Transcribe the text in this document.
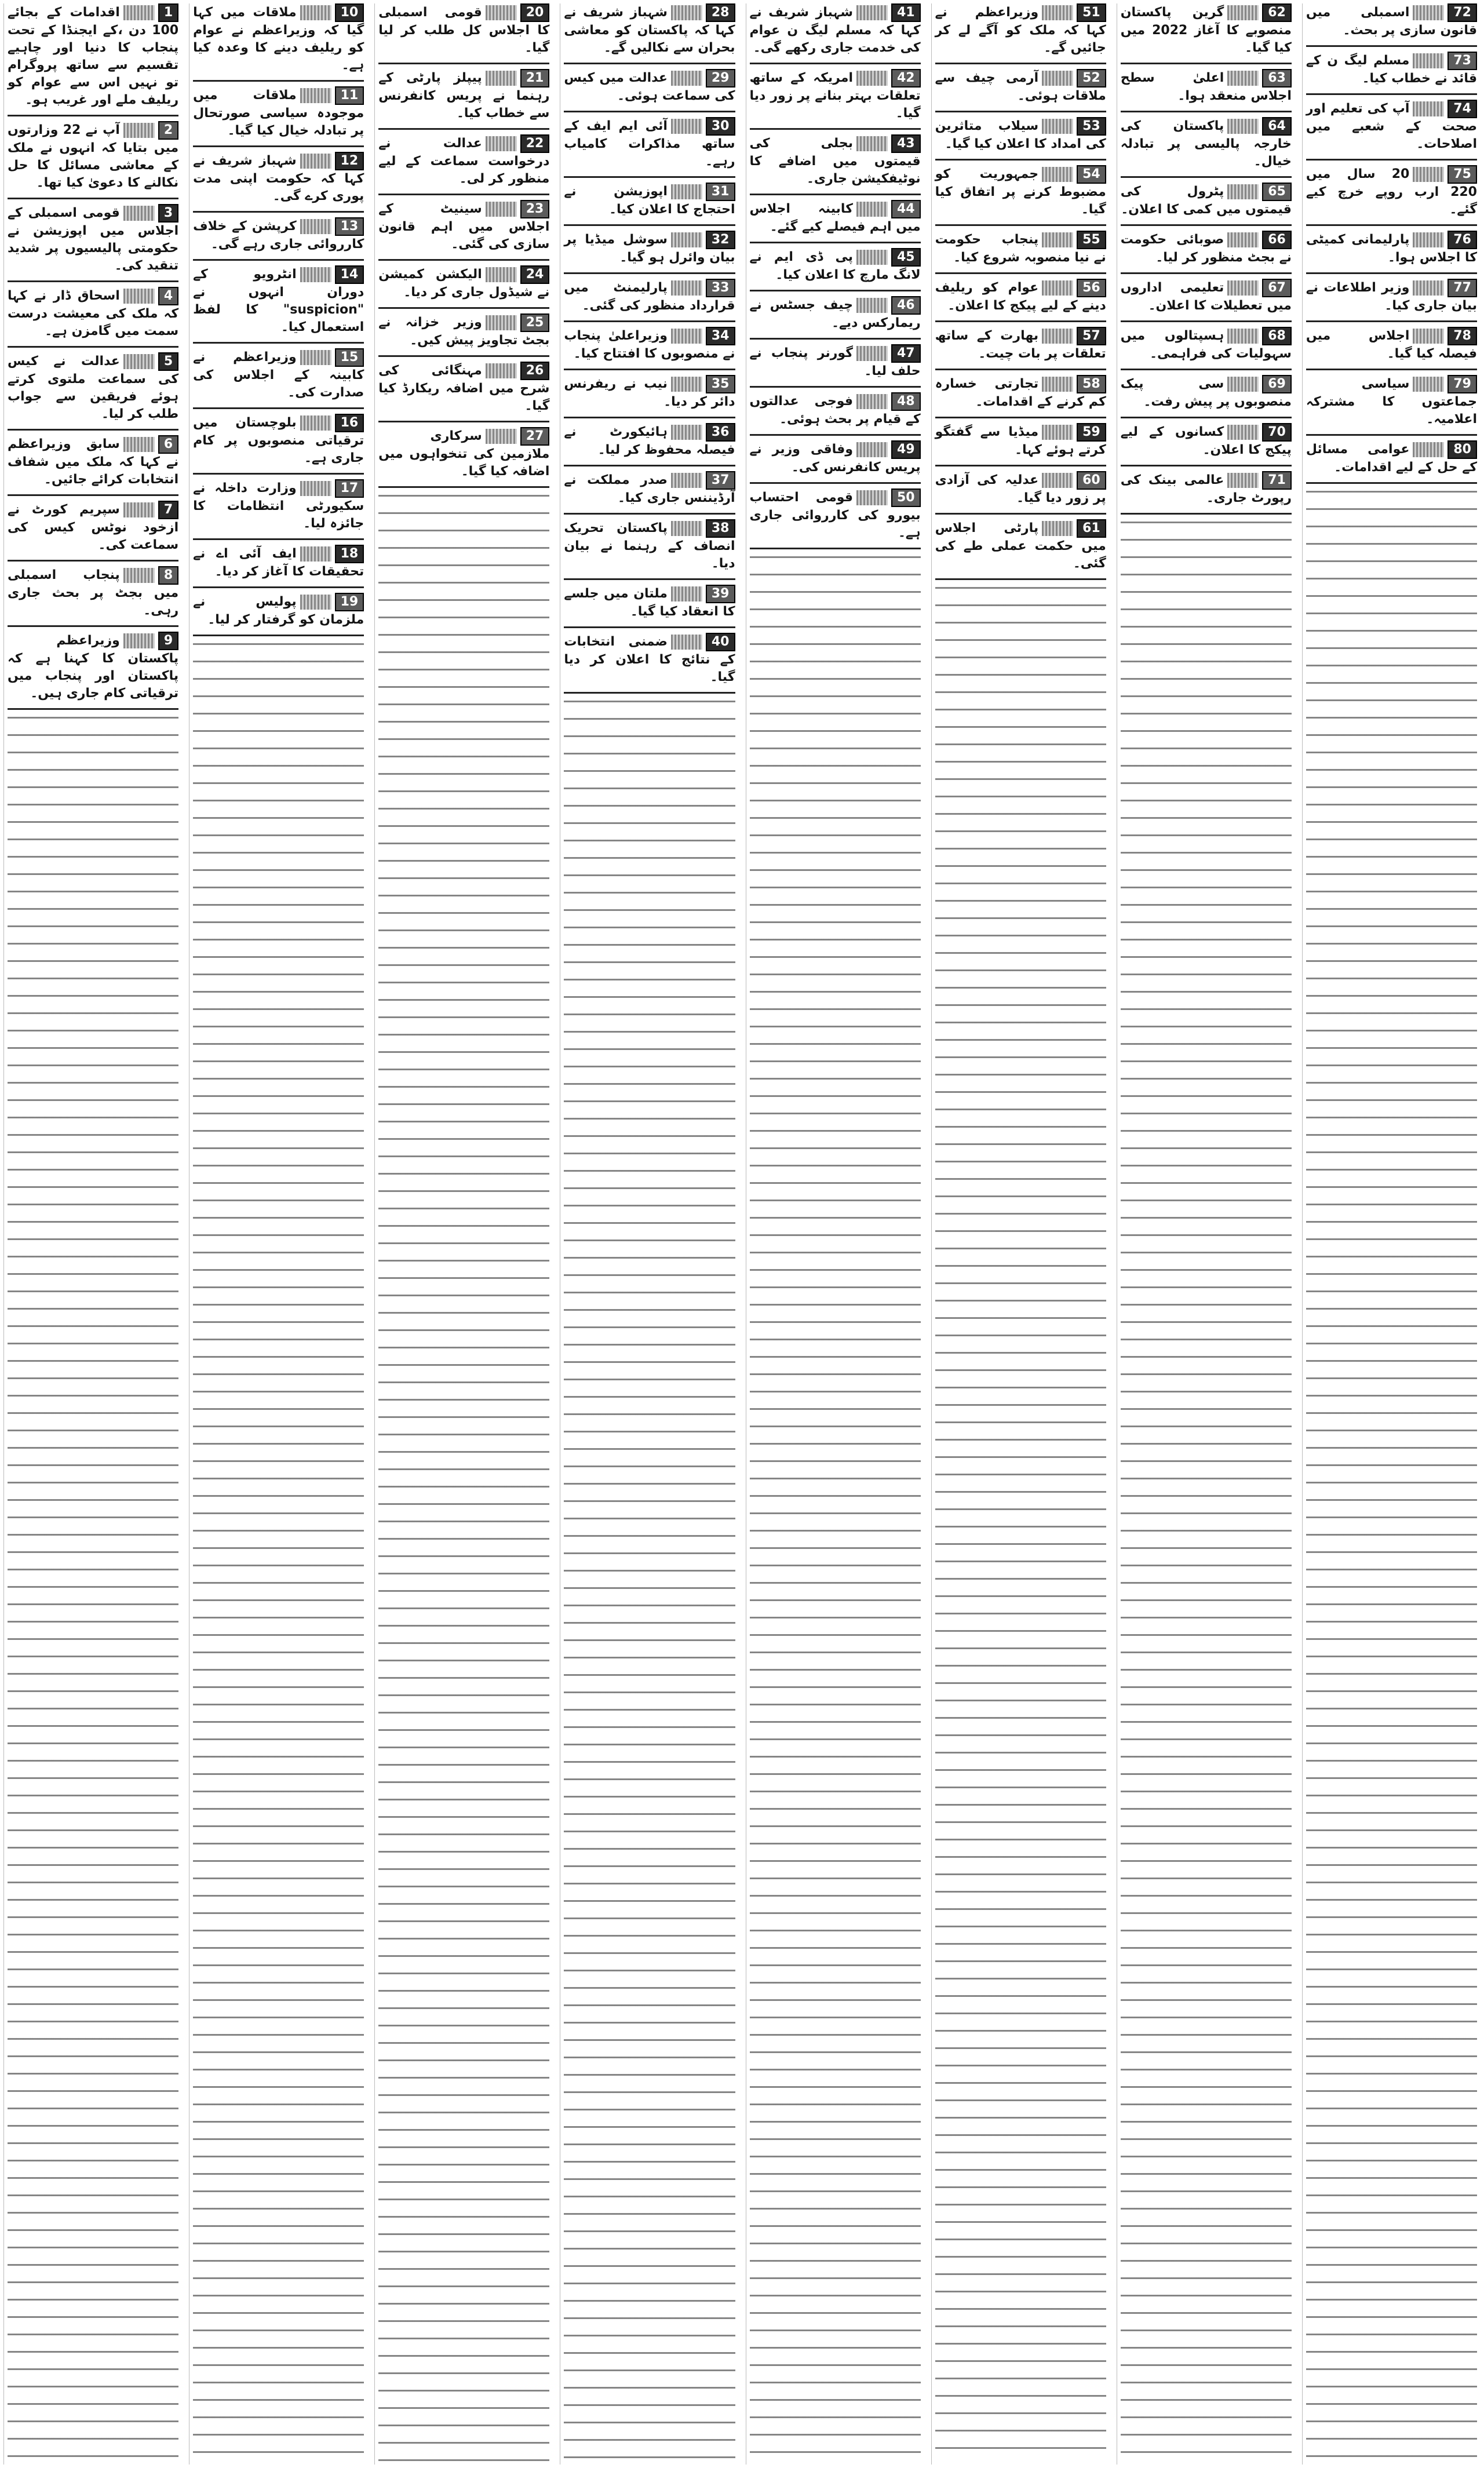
1اقدامات کے بجائے 100 دن ،کے ایجنڈا کے تحت پنجاب کا دنیا اور چاہیے تقسیم سے ساتھ پروگرام تو نہیں اس سے عوام کو ریلیف ملے اور غریب ہو۔

2آپ نے 22 وزارتوں میں بتایا کہ انہوں نے ملک کے معاشی مسائل کا حل نکالنے کا دعویٰ کیا تھا۔

3قومی اسمبلی کے اجلاس میں اپوزیشن نے حکومتی پالیسیوں پر شدید تنقید کی۔

4اسحاق ڈار نے کہا کہ ملک کی معیشت درست سمت میں گامزن ہے۔

5عدالت نے کیس کی سماعت ملتوی کرتے ہوئے فریقین سے جواب طلب کر لیا۔

6سابق وزیراعظم نے کہا کہ ملک میں شفاف انتخابات کرائے جائیں۔

7سپریم کورٹ نے ازخود نوٹس کیس کی سماعت کی۔

8پنجاب اسمبلی میں بجٹ پر بحث جاری رہی۔

9وزیراعظم پاکستان کا کہنا ہے کہ پاکستان اور پنجاب میں ترقیاتی کام جاری ہیں۔

10ملاقات میں کہا گیا کہ وزیراعظم نے عوام کو ریلیف دینے کا وعدہ کیا ہے۔

11ملاقات میں موجودہ سیاسی صورتحال پر تبادلہ خیال کیا گیا۔

12شہباز شریف نے کہا کہ حکومت اپنی مدت پوری کرے گی۔

13کرپشن کے خلاف کارروائی جاری رہے گی۔

14انٹرویو کے دوران انہوں نے "suspicion" کا لفظ استعمال کیا۔

15وزیراعظم نے کابینہ کے اجلاس کی صدارت کی۔

16بلوچستان میں ترقیاتی منصوبوں پر کام جاری ہے۔

17وزارت داخلہ نے سکیورٹی انتظامات کا جائزہ لیا۔

18ایف آئی اے نے تحقیقات کا آغاز کر دیا۔

19پولیس نے ملزمان کو گرفتار کر لیا۔

20قومی اسمبلی کا اجلاس کل طلب کر لیا گیا۔

21پیپلز پارٹی کے رہنما نے پریس کانفرنس سے خطاب کیا۔

22عدالت نے درخواست سماعت کے لیے منظور کر لی۔

23سینیٹ کے اجلاس میں اہم قانون سازی کی گئی۔

24الیکشن کمیشن نے شیڈول جاری کر دیا۔

25وزیر خزانہ نے بجٹ تجاویز پیش کیں۔

26مہنگائی کی شرح میں اضافہ ریکارڈ کیا گیا۔

27سرکاری ملازمین کی تنخواہوں میں اضافہ کیا گیا۔

28شہباز شریف نے کہا کہ پاکستان کو معاشی بحران سے نکالیں گے۔

29عدالت میں کیس کی سماعت ہوئی۔

30آئی ایم ایف کے ساتھ مذاکرات کامیاب رہے۔

31اپوزیشن نے احتجاج کا اعلان کیا۔

32سوشل میڈیا پر بیان وائرل ہو گیا۔

33پارلیمنٹ میں قرارداد منظور کی گئی۔

34وزیراعلیٰ پنجاب نے منصوبوں کا افتتاح کیا۔

35نیب نے ریفرنس دائر کر دیا۔

36ہائیکورٹ نے فیصلہ محفوظ کر لیا۔

37صدر مملکت نے آرڈیننس جاری کیا۔

38پاکستان تحریک انصاف کے رہنما نے بیان دیا۔

39ملتان میں جلسے کا انعقاد کیا گیا۔

40ضمنی انتخابات کے نتائج کا اعلان کر دیا گیا۔

41شہباز شریف نے کہا کہ مسلم لیگ ن عوام کی خدمت جاری رکھے گی۔

42امریکہ کے ساتھ تعلقات بہتر بنانے پر زور دیا گیا۔

43بجلی کی قیمتوں میں اضافے کا نوٹیفکیشن جاری۔

44کابینہ اجلاس میں اہم فیصلے کیے گئے۔

45پی ڈی ایم نے لانگ مارچ کا اعلان کیا۔

46چیف جسٹس نے ریمارکس دیے۔

47گورنر پنجاب نے حلف لیا۔

48فوجی عدالتوں کے قیام پر بحث ہوئی۔

49وفاقی وزیر نے پریس کانفرنس کی۔

50قومی احتساب بیورو کی کارروائی جاری ہے۔

51وزیراعظم نے کہا کہ ملک کو آگے لے کر جائیں گے۔

52آرمی چیف سے ملاقات ہوئی۔

53سیلاب متاثرین کی امداد کا اعلان کیا گیا۔

54جمہوریت کو مضبوط کرنے پر اتفاق کیا گیا۔

55پنجاب حکومت نے نیا منصوبہ شروع کیا۔

56عوام کو ریلیف دینے کے لیے پیکج کا اعلان۔

57بھارت کے ساتھ تعلقات پر بات چیت۔

58تجارتی خسارہ کم کرنے کے اقدامات۔

59میڈیا سے گفتگو کرتے ہوئے کہا۔

60عدلیہ کی آزادی پر زور دیا گیا۔

61پارٹی اجلاس میں حکمت عملی طے کی گئی۔

62گرین پاکستان منصوبے کا آغاز 2022 میں کیا گیا۔

63اعلیٰ سطح اجلاس منعقد ہوا۔

64پاکستان کی خارجہ پالیسی پر تبادلہ خیال۔

65پٹرول کی قیمتوں میں کمی کا اعلان۔

66صوبائی حکومت نے بجٹ منظور کر لیا۔

67تعلیمی اداروں میں تعطیلات کا اعلان۔

68ہسپتالوں میں سہولیات کی فراہمی۔

69سی پیک منصوبوں پر پیش رفت۔

70کسانوں کے لیے پیکج کا اعلان۔

71عالمی بینک کی رپورٹ جاری۔

72اسمبلی میں قانون سازی پر بحث۔

73مسلم لیگ ن کے قائد نے خطاب کیا۔

74آپ کی تعلیم اور صحت کے شعبے میں اصلاحات۔

7520 سال میں 220 ارب روپے خرچ کیے گئے۔

76پارلیمانی کمیٹی کا اجلاس ہوا۔

77وزیر اطلاعات نے بیان جاری کیا۔

78اجلاس میں فیصلہ کیا گیا۔

79سیاسی جماعتوں کا مشترکہ اعلامیہ۔

80عوامی مسائل کے حل کے لیے اقدامات۔
